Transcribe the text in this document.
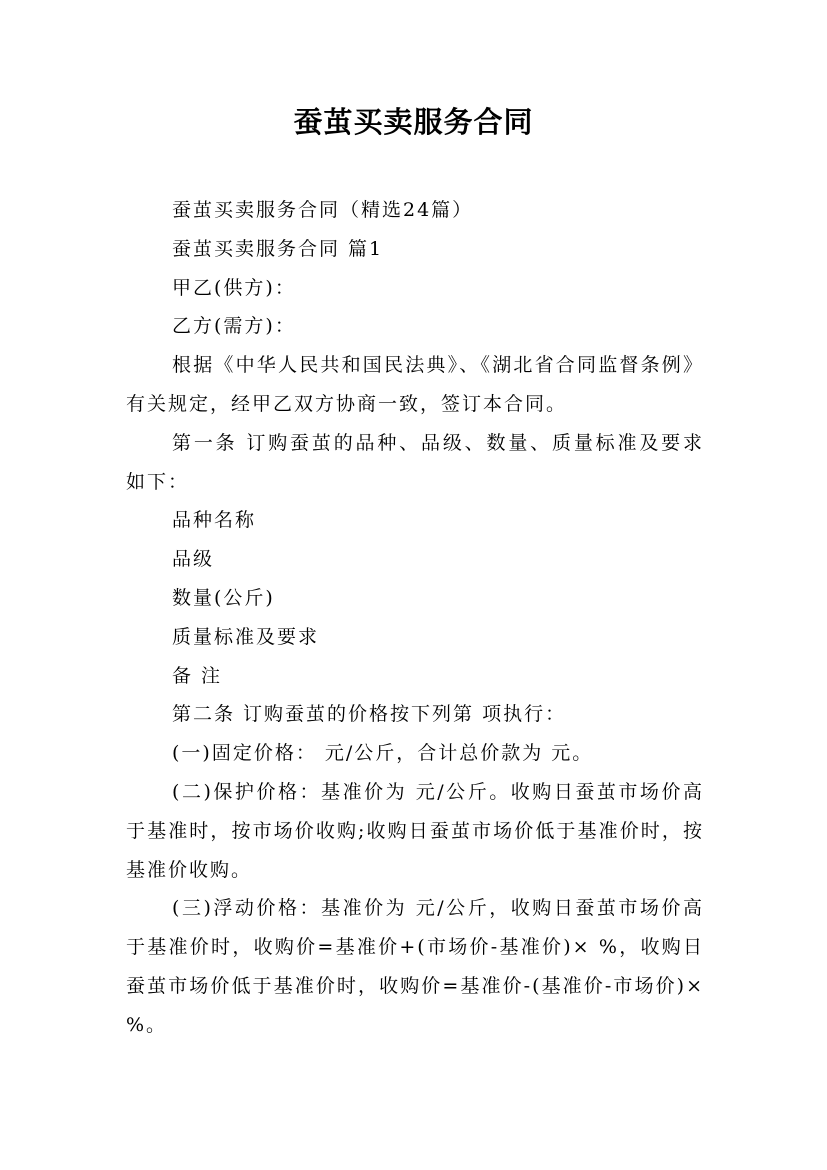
蚕茧买卖服务合同

蚕茧买卖服务合同（精选24篇）

蚕茧买卖服务合同 篇1

甲乙(供方)：

乙方(需方)：

根据《中华人民共和国民法典》、《湖北省合同监督条例》有关规定，经甲乙双方协商一致，签订本合同。

第一条 订购蚕茧的品种、品级、数量、质量标准及要求如下：

品种名称

品级

数量(公斤)

质量标准及要求

备 注

第二条 订购蚕茧的价格按下列第 项执行：

(一)固定价格： 元/公斤，合计总价款为 元。

(二)保护价格：基准价为 元/公斤。收购日蚕茧市场价高于基准时，按市场价收购;收购日蚕茧市场价低于基准价时，按基准价收购。

(三)浮动价格：基准价为 元/公斤，收购日蚕茧市场价高于基准价时，收购价=基准价+(市场价-基准价)× %，收购日蚕茧市场价低于基准价时，收购价=基准价-(基准价-市场价)× %。
